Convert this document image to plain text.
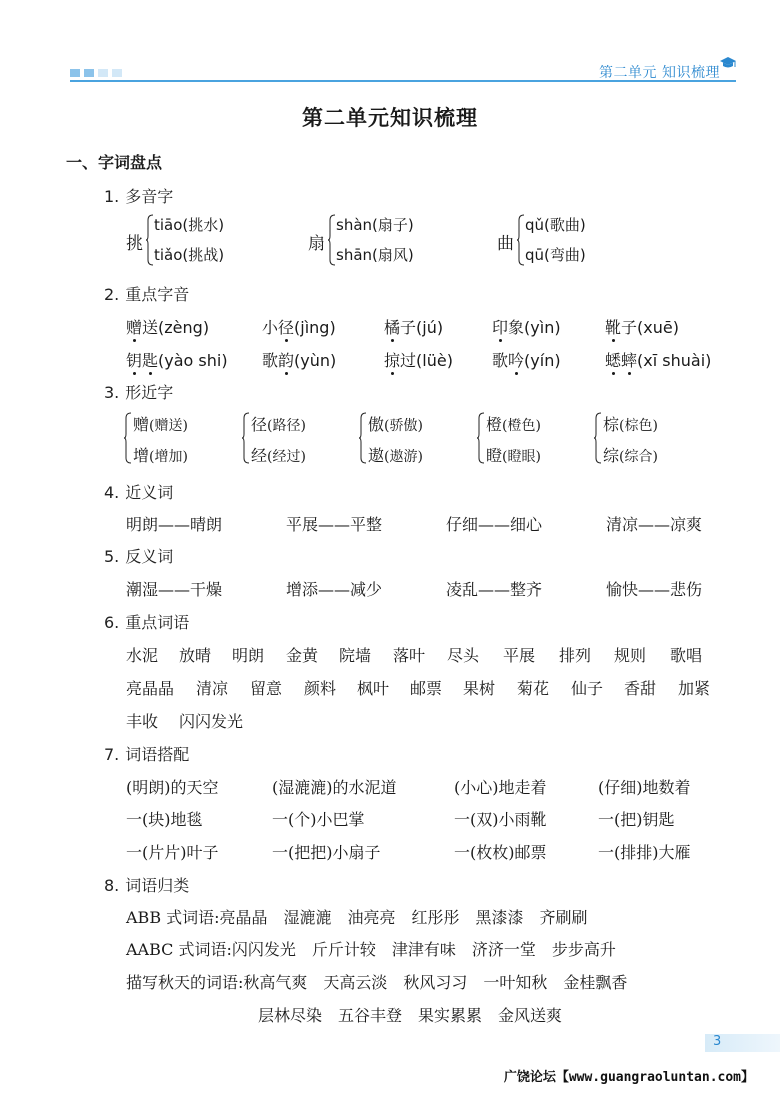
第二单元 知识梳理
第二单元知识梳理
一、字词盘点
1. 多音字
挑
tiāo(挑水)
tiǎo(挑战)
扇
shàn(扇子)
shān(扇风)
曲
qǔ(歌曲)
qū(弯曲)
2. 重点字音
赠送(zèng)	小径(jìng)	橘子(jú)	印象(yìn)	靴子(xuē)
钥匙(yào shi) 歌韵(yùn)	掠过(lüè) 歌吟(yín)	蟋蟀(xī shuài)
3. 形近字
赠(赠送)
增(增加)
径(路径)
经(经过)
傲(骄傲)
遨(遨游)
橙(橙色)
瞪(瞪眼)
棕(棕色)
综(综合)
4. 近义词
明朗——晴朗	平展——平整	仔细——细心	清凉——凉爽
5. 反义词
潮湿——干燥	增添——减少	凌乱——整齐	愉快——悲伤
6. 重点词语
水泥 放晴 明朗 金黄 院墙 落叶 尽头 平展 排列 规则 歌唱
亮晶晶 清凉 留意 颜料 枫叶 邮票 果树 菊花 仙子 香甜 加紧
丰收 闪闪发光
7. 词语搭配
(明朗)的天空	(湿漉漉)的水泥道	(小心)地走着	(仔细)地数着
一(块)地毯	一(个)小巴掌	一(双)小雨靴	一(把)钥匙
一(片片)叶子	一(把把)小扇子	一(枚枚)邮票	一(排排)大雁
8. 词语归类
ABB 式词语:亮晶晶　湿漉漉　油亮亮　红彤彤　黑漆漆　齐刷刷
AABC 式词语:闪闪发光　斤斤计较　津津有味　济济一堂　步步高升
描写秋天的词语:秋高气爽　天高云淡　秋风习习　一叶知秋　金桂飘香
层林尽染　五谷丰登　果实累累　金风送爽
3
广饶论坛【www.guangraoluntan.com】
